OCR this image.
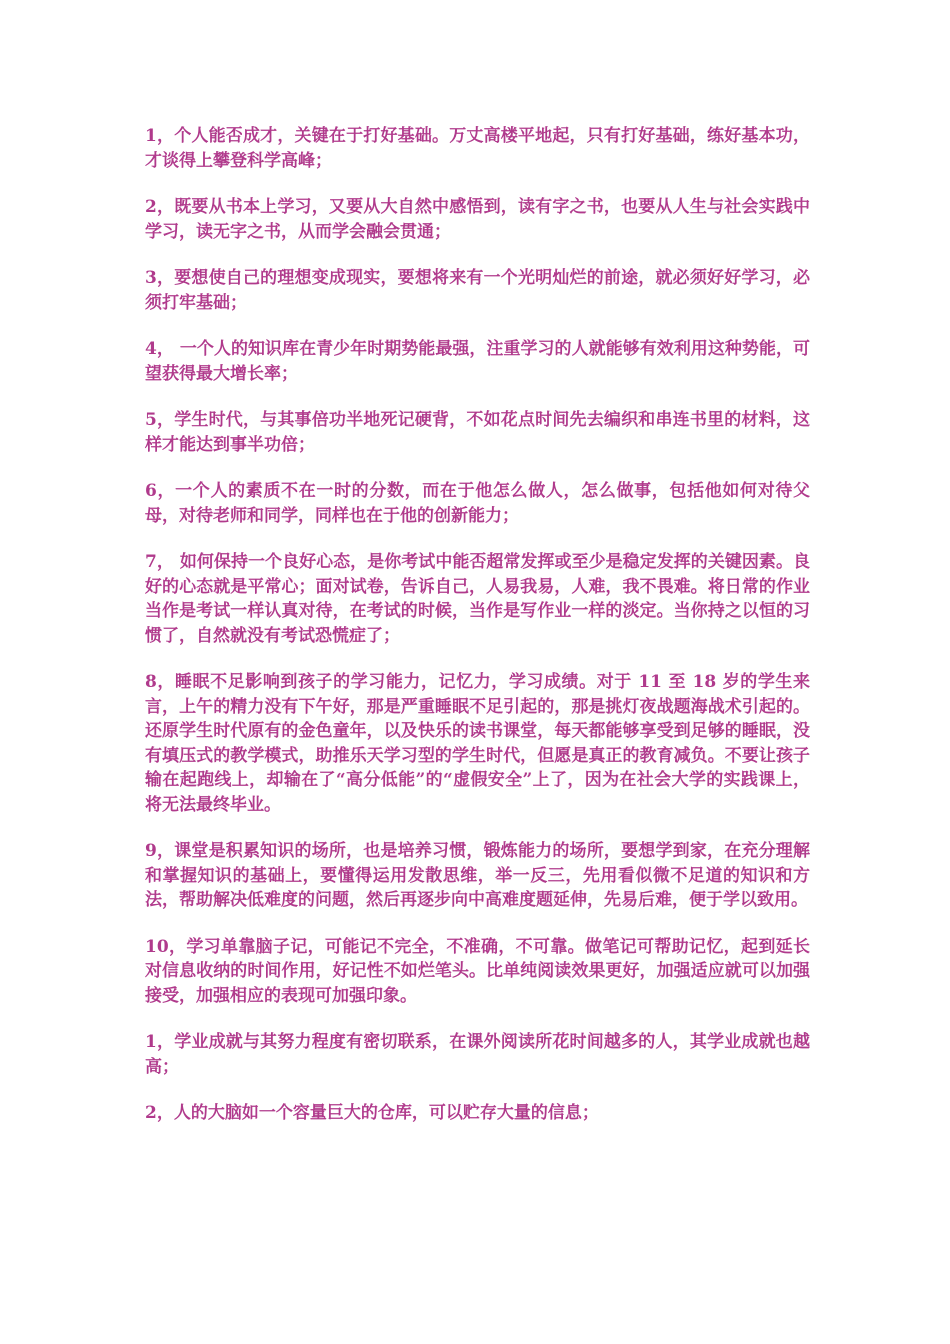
1，个人能否成才，关键在于打好基础。万丈高楼平地起，只有打好基础，练好基本功，才谈得上攀登科学高峰；

2，既要从书本上学习，又要从大自然中感悟到，读有字之书，也要从人生与社会实践中学习，读无字之书，从而学会融会贯通；

3，要想使自己的理想变成现实，要想将来有一个光明灿烂的前途，就必须好好学习，必须打牢基础；

4， 一个人的知识库在青少年时期势能最强，注重学习的人就能够有效利用这种势能，可望获得最大增长率；

5，学生时代，与其事倍功半地死记硬背，不如花点时间先去编织和串连书里的材料，这样才能达到事半功倍；

6，一个人的素质不在一时的分数，而在于他怎么做人，怎么做事，包括他如何对待父母，对待老师和同学，同样也在于他的创新能力；

7， 如何保持一个良好心态，是你考试中能否超常发挥或至少是稳定发挥的关键因素。良好的心态就是平常心；面对试卷，告诉自己，人易我易，人难，我不畏难。将日常的作业当作是考试一样认真对待，在考试的时候，当作是写作业一样的淡定。当你持之以恒的习惯了，自然就没有考试恐慌症了；

8，睡眠不足影响到孩子的学习能力，记忆力，学习成绩。对于 11 至 18 岁的学生来言，上午的精力没有下午好，那是严重睡眠不足引起的，那是挑灯夜战题海战术引起的。还原学生时代原有的金色童年，以及快乐的读书课堂，每天都能够享受到足够的睡眠，没有填压式的教学模式，助推乐天学习型的学生时代，但愿是真正的教育减负。不要让孩子输在起跑线上，却输在了“高分低能”的“虚假安全”上了，因为在社会大学的实践课上，将无法最终毕业。

9，课堂是积累知识的场所，也是培养习惯，锻炼能力的场所，要想学到家，在充分理解和掌握知识的基础上，要懂得运用发散思维，举一反三，先用看似微不足道的知识和方法，帮助解决低难度的问题，然后再逐步向中高难度题延伸，先易后难，便于学以致用。

10，学习单靠脑子记，可能记不完全，不准确，不可靠。做笔记可帮助记忆，起到延长对信息收纳的时间作用，好记性不如烂笔头。比单纯阅读效果更好，加强适应就可以加强接受，加强相应的表现可加强印象。

1，学业成就与其努力程度有密切联系，在课外阅读所花时间越多的人，其学业成就也越高；

2，人的大脑如一个容量巨大的仓库，可以贮存大量的信息；
